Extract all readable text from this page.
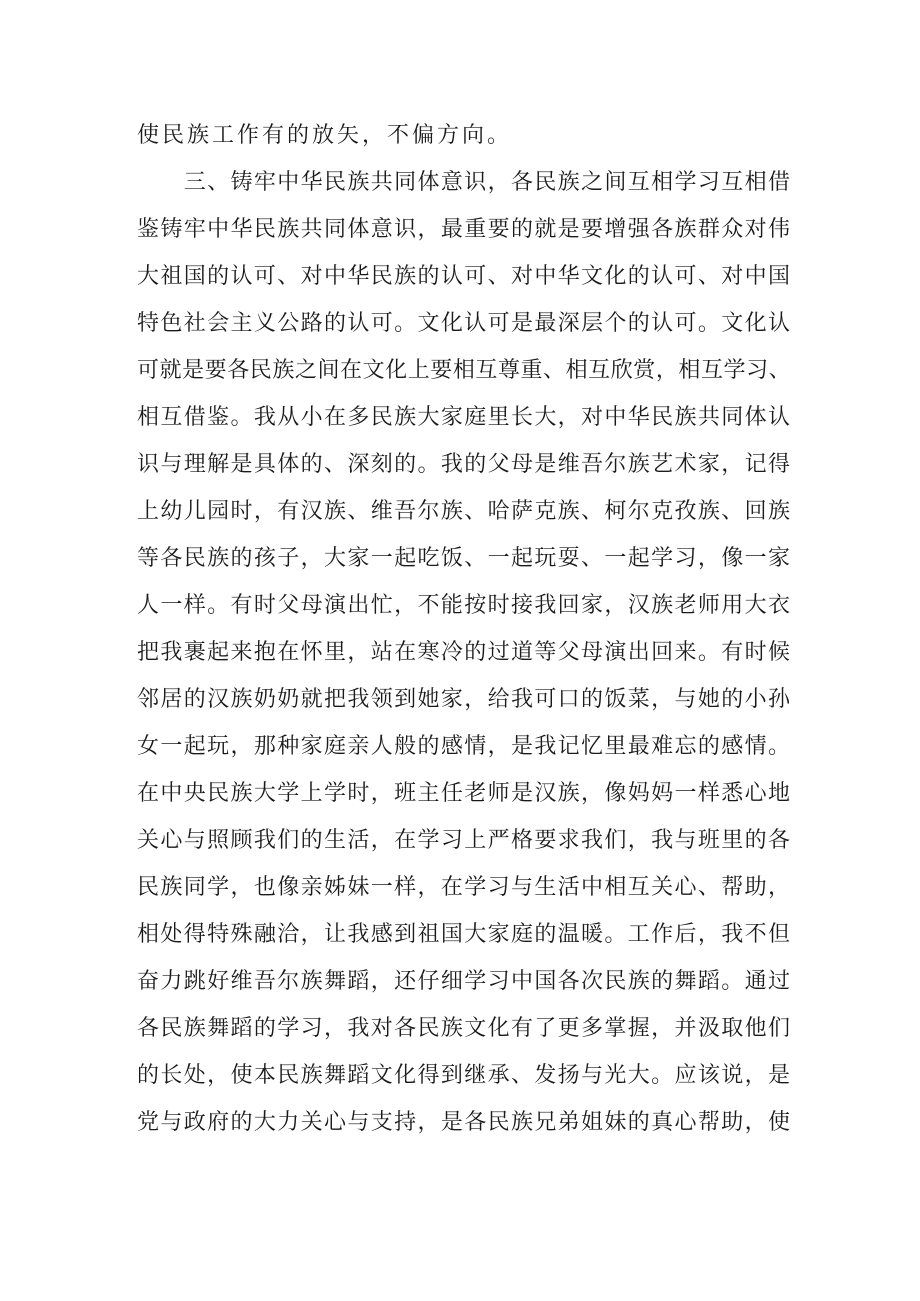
使民族工作有的放矢，不偏方向。
　　三、铸牢中华民族共同体意识，各民族之间互相学习互相借
鉴铸牢中华民族共同体意识，最重要的就是要增强各族群众对伟
大祖国的认可、对中华民族的认可、对中华文化的认可、对中国
特色社会主义公路的认可。文化认可是最深层个的认可。文化认
可就是要各民族之间在文化上要相互尊重、相互欣赏，相互学习、
相互借鉴。我从小在多民族大家庭里长大，对中华民族共同体认
识与理解是具体的、深刻的。我的父母是维吾尔族艺术家，记得
上幼儿园时，有汉族、维吾尔族、哈萨克族、柯尔克孜族、回族
等各民族的孩子，大家一起吃饭、一起玩耍、一起学习，像一家
人一样。有时父母演出忙，不能按时接我回家，汉族老师用大衣
把我裹起来抱在怀里，站在寒冷的过道等父母演出回来。有时候
邻居的汉族奶奶就把我领到她家，给我可口的饭菜，与她的小孙
女一起玩，那种家庭亲人般的感情，是我记忆里最难忘的感情。
在中央民族大学上学时，班主任老师是汉族，像妈妈一样悉心地
关心与照顾我们的生活，在学习上严格要求我们，我与班里的各
民族同学，也像亲姊妹一样，在学习与生活中相互关心、帮助，
相处得特殊融洽，让我感到祖国大家庭的温暖。工作后，我不但
奋力跳好维吾尔族舞蹈，还仔细学习中国各次民族的舞蹈。通过
各民族舞蹈的学习，我对各民族文化有了更多掌握，并汲取他们
的长处，使本民族舞蹈文化得到继承、发扬与光大。应该说，是
党与政府的大力关心与支持，是各民族兄弟姐妹的真心帮助，使
